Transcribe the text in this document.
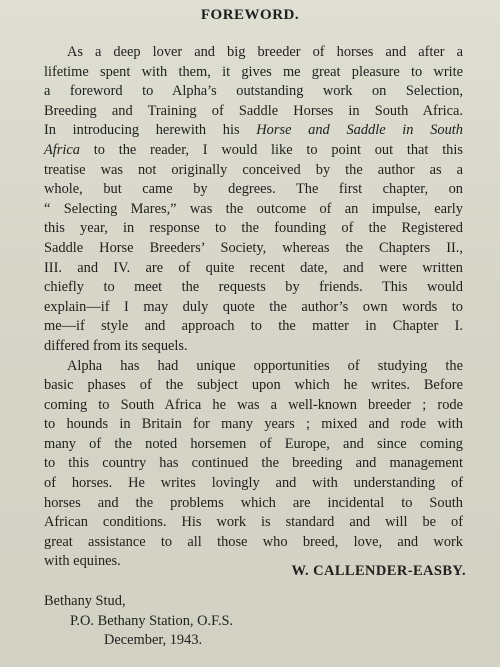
FOREWORD.

As a deep lover and big breeder of horses and after a
lifetime spent with them, it gives me great pleasure to write
a foreword to Alpha’s outstanding work on Selection,
Breeding and Training of Saddle Horses in South Africa.
In introducing herewith his Horse and Saddle in South
Africa to the reader, I would like to point out that this
treatise was not originally conceived by the author as a
whole, but came by degrees. The first chapter, on
“ Selecting Mares,” was the outcome of an impulse, early
this year, in response to the founding of the Registered
Saddle Horse Breeders’ Society, whereas the Chapters II.,
III. and IV. are of quite recent date, and were written
chiefly to meet the requests by friends. This would
explain—if I may duly quote the author’s own words to
me—if style and approach to the matter in Chapter I.
differed from its sequels.

Alpha has had unique opportunities of studying the
basic phases of the subject upon which he writes. Before
coming to South Africa he was a well-known breeder ; rode
to hounds in Britain for many years ; mixed and rode with
many of the noted horsemen of Europe, and since coming
to this country has continued the breeding and management
of horses. He writes lovingly and with understanding of
horses and the problems which are incidental to South
African conditions. His work is standard and will be of
great assistance to all those who breed, love, and work
with equines.

W. CALLENDER-EASBY.

Bethany Stud,
P.O. Bethany Station, O.F.S.
December, 1943.
